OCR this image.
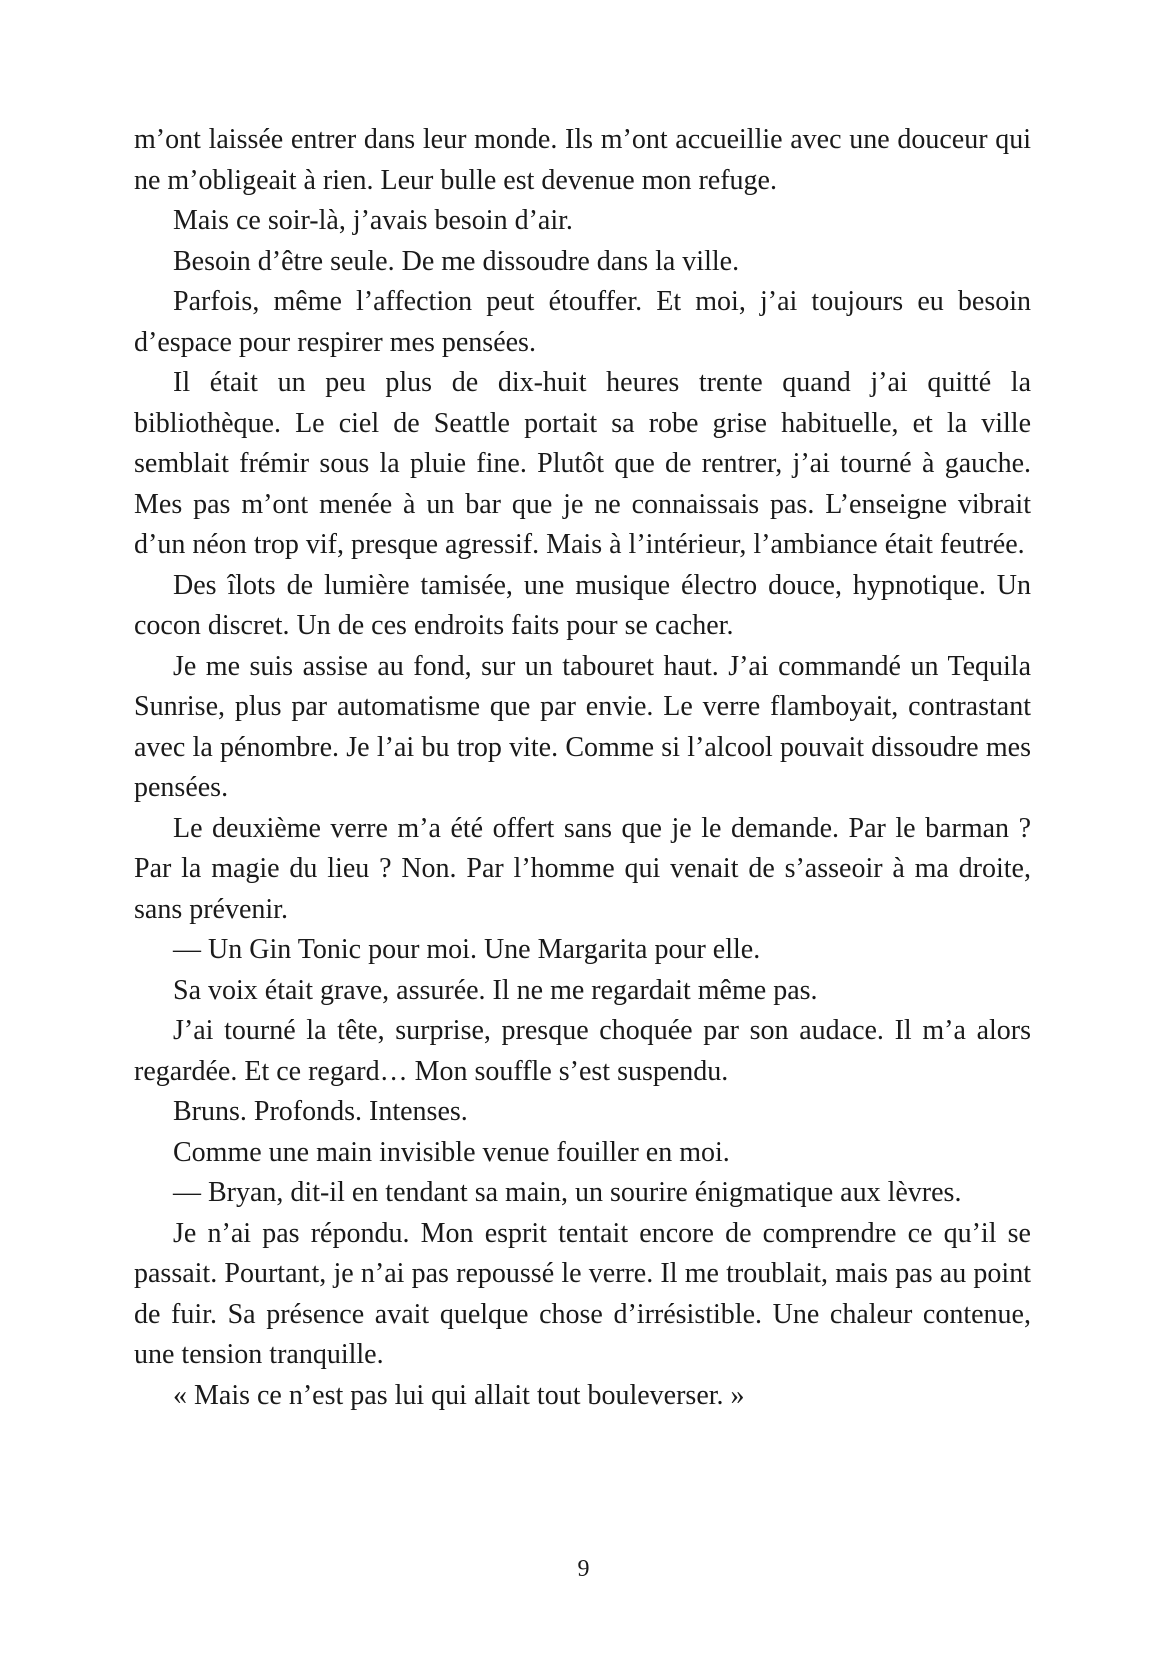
m’ont laissée entrer dans leur monde. Ils m’ont accueillie avec une douceur qui ne m’obligeait à rien. Leur bulle est devenue mon refuge.

Mais ce soir-là, j’avais besoin d’air.

Besoin d’être seule. De me dissoudre dans la ville.

Parfois, même l’affection peut étouffer. Et moi, j’ai toujours eu besoin d’espace pour respirer mes pensées.

Il était un peu plus de dix-huit heures trente quand j’ai quitté la bibliothèque. Le ciel de Seattle portait sa robe grise habituelle, et la ville semblait frémir sous la pluie fine. Plutôt que de rentrer, j’ai tourné à gauche. Mes pas m’ont menée à un bar que je ne connaissais pas. L’enseigne vibrait d’un néon trop vif, presque agressif. Mais à l’intérieur, l’ambiance était feutrée.

Des îlots de lumière tamisée, une musique électro douce, hypnotique. Un cocon discret. Un de ces endroits faits pour se cacher.

Je me suis assise au fond, sur un tabouret haut. J’ai commandé un Tequila Sunrise, plus par automatisme que par envie. Le verre flamboyait, contrastant avec la pénombre. Je l’ai bu trop vite. Comme si l’alcool pouvait dissoudre mes pensées.

Le deuxième verre m’a été offert sans que je le demande. Par le barman ? Par la magie du lieu ? Non. Par l’homme qui venait de s’asseoir à ma droite, sans prévenir.

— Un Gin Tonic pour moi. Une Margarita pour elle.

Sa voix était grave, assurée. Il ne me regardait même pas.

J’ai tourné la tête, surprise, presque choquée par son audace. Il m’a alors regardée. Et ce regard… Mon souffle s’est suspendu.

Bruns. Profonds. Intenses.

Comme une main invisible venue fouiller en moi.

— Bryan, dit-il en tendant sa main, un sourire énigmatique aux lèvres.

Je n’ai pas répondu. Mon esprit tentait encore de comprendre ce qu’il se passait. Pourtant, je n’ai pas repoussé le verre. Il me troublait, mais pas au point de fuir. Sa présence avait quelque chose d’irrésistible. Une chaleur contenue, une tension tranquille.

« Mais ce n’est pas lui qui allait tout bouleverser. »

9
